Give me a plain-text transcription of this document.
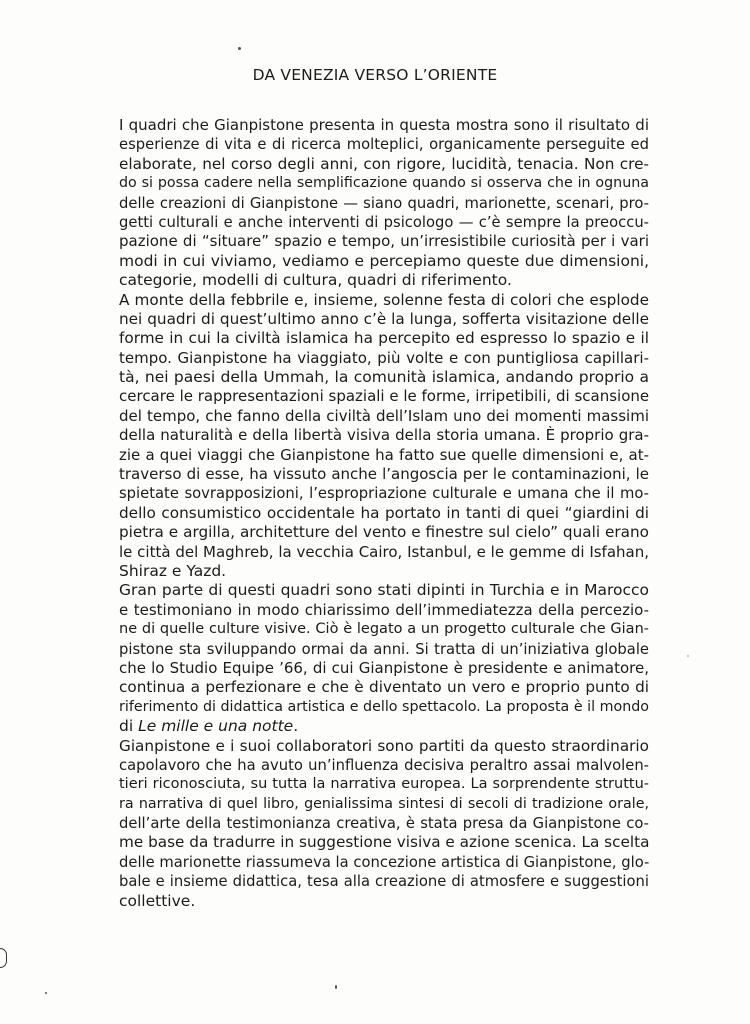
DA VENEZIA VERSO L’ORIENTE
I quadri che Gianpistone presenta in questa mostra sono il risultato di
esperienze di vita e di ricerca molteplici, organicamente perseguite ed
elaborate, nel corso degli anni, con rigore, lucidità, tenacia. Non cre-
do si possa cadere nella semplificazione quando si osserva che in ognuna
delle creazioni di Gianpistone — siano quadri, marionette, scenari, pro-
getti culturali e anche interventi di psicologo — c’è sempre la preoccu-
pazione di “situare” spazio e tempo, un’irresistibile curiosità per i vari
modi in cui viviamo, vediamo e percepiamo queste due dimensioni,
categorie, modelli di cultura, quadri di riferimento.
A monte della febbrile e, insieme, solenne festa di colori che esplode
nei quadri di quest’ultimo anno c’è la lunga, sofferta visitazione delle
forme in cui la civiltà islamica ha percepito ed espresso lo spazio e il
tempo. Gianpistone ha viaggiato, più volte e con puntigliosa capillari-
tà, nei paesi della Ummah, la comunità islamica, andando proprio a
cercare le rappresentazioni spaziali e le forme, irripetibili, di scansione
del tempo, che fanno della civiltà dell’Islam uno dei momenti massimi
della naturalità e della libertà visiva della storia umana. È proprio gra-
zie a quei viaggi che Gianpistone ha fatto sue quelle dimensioni e, at-
traverso di esse, ha vissuto anche l’angoscia per le contaminazioni, le
spietate sovrapposizioni, l’espropriazione culturale e umana che il mo-
dello consumistico occidentale ha portato in tanti di quei “giardini di
pietra e argilla, architetture del vento e finestre sul cielo” quali erano
le città del Maghreb, la vecchia Cairo, Istanbul, e le gemme di Isfahan,
Shiraz e Yazd.
Gran parte di questi quadri sono stati dipinti in Turchia e in Marocco
e testimoniano in modo chiarissimo dell’immediatezza della percezio-
ne di quelle culture visive. Ciò è legato a un progetto culturale che Gian-
pistone sta sviluppando ormai da anni. Si tratta di un’iniziativa globale
che lo Studio Equipe ’66, di cui Gianpistone è presidente e animatore,
continua a perfezionare e che è diventato un vero e proprio punto di
riferimento di didattica artistica e dello spettacolo. La proposta è il mondo
di Le mille e una notte.
Gianpistone e i suoi collaboratori sono partiti da questo straordinario
capolavoro che ha avuto un’influenza decisiva peraltro assai malvolen-
tieri riconosciuta, su tutta la narrativa europea. La sorprendente struttu-
ra narrativa di quel libro, genialissima sintesi di secoli di tradizione orale,
dell’arte della testimonianza creativa, è stata presa da Gianpistone co-
me base da tradurre in suggestione visiva e azione scenica. La scelta
delle marionette riassumeva la concezione artistica di Gianpistone, glo-
bale e insieme didattica, tesa alla creazione di atmosfere e suggestioni
collettive.
